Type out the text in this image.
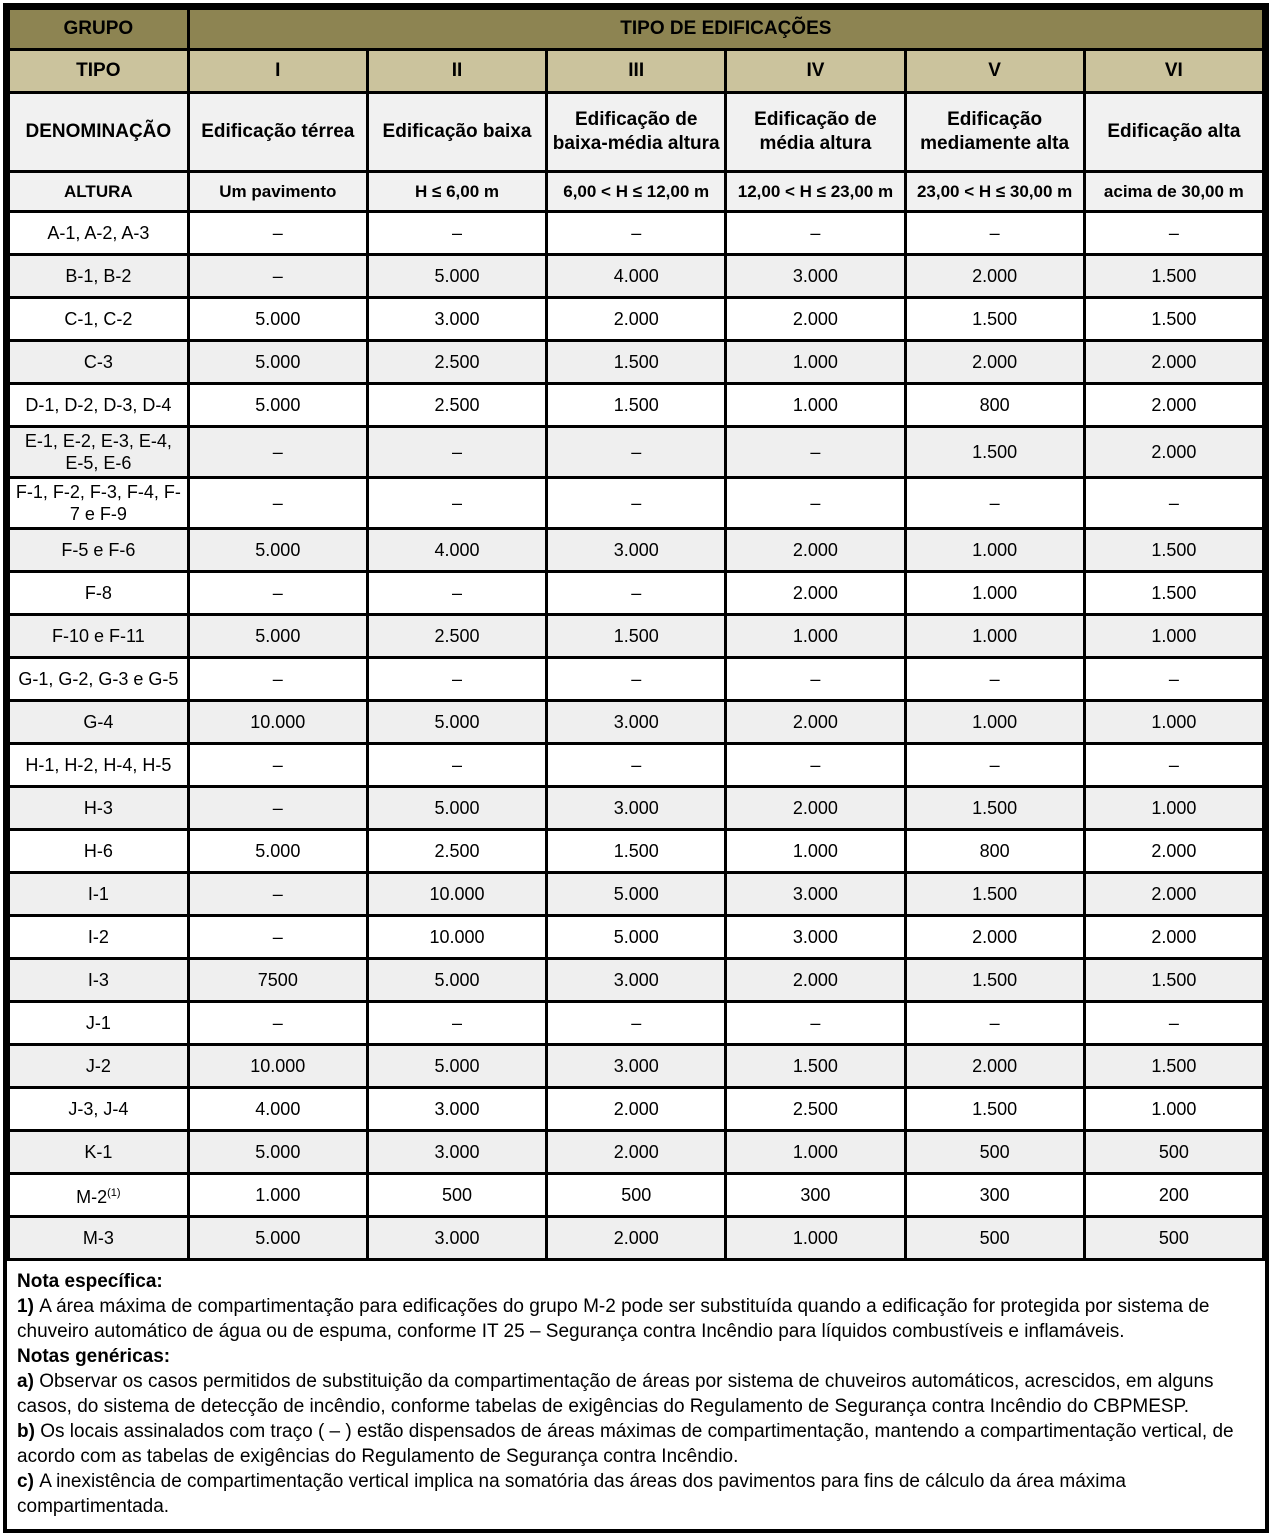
GRUPO	TIPO DE EDIFICAÇÕES					
TIPO	I	II	III	IV	V	VI
DENOMINAÇÃO	Edificação térrea	Edificação baixa	Edificação de baixa-média altura	Edificação de média altura	Edificação mediamente alta	Edificação alta
ALTURA	Um pavimento	H ≤ 6,00 m	6,00 < H ≤ 12,00 m	12,00 < H ≤ 23,00 m	23,00 < H ≤ 30,00 m	acima de 30,00 m
A-1, A-2, A-3	–	–	–	–	–	–
B-1, B-2	–	5.000	4.000	3.000	2.000	1.500
C-1, C-2	5.000	3.000	2.000	2.000	1.500	1.500
C-3	5.000	2.500	1.500	1.000	2.000	2.000
D-1, D-2, D-3, D-4	5.000	2.500	1.500	1.000	800	2.000
E-1, E-2, E-3, E-4, E-5, E-6	–	–	–	–	1.500	2.000
F-1, F-2, F-3, F-4, F-7 e F-9	–	–	–	–	–	–
F-5 e F-6	5.000	4.000	3.000	2.000	1.000	1.500
F-8	–	–	–	2.000	1.000	1.500
F-10 e F-11	5.000	2.500	1.500	1.000	1.000	1.000
G-1, G-2, G-3 e G-5	–	–	–	–	–	–
G-4	10.000	5.000	3.000	2.000	1.000	1.000
H-1, H-2, H-4, H-5	–	–	–	–	–	–
H-3	–	5.000	3.000	2.000	1.500	1.000
H-6	5.000	2.500	1.500	1.000	800	2.000
I-1	–	10.000	5.000	3.000	1.500	2.000
I-2	–	10.000	5.000	3.000	2.000	2.000
I-3	7500	5.000	3.000	2.000	1.500	1.500
J-1	–	–	–	–	–	–
J-2	10.000	5.000	3.000	1.500	2.000	1.500
J-3, J-4	4.000	3.000	2.000	2.500	1.500	1.000
K-1	5.000	3.000	2.000	1.000	500	500
M-2$^{(1)}$	1.000	500	500	300	300	200
M-3	5.000	3.000	2.000	1.000	500	500

Nota específica:

1) A área máxima de compartimentação para edificações do grupo M-2 pode ser substituída quando a edificação for protegida por sistema de chuveiro automático de água ou de espuma, conforme IT 25 – Segurança contra Incêndio para líquidos combustíveis e inflamáveis.

Notas genéricas:

a) Observar os casos permitidos de substituição da compartimentação de áreas por sistema de chuveiros automáticos, acrescidos, em alguns casos, do sistema de detecção de incêndio, conforme tabelas de exigências do Regulamento de Segurança contra Incêndio do CBPMESP.

b) Os locais assinalados com traço ( – ) estão dispensados de áreas máximas de compartimentação, mantendo a compartimentação vertical, de acordo com as tabelas de exigências do Regulamento de Segurança contra Incêndio.

c) A inexistência de compartimentação vertical implica na somatória das áreas dos pavimentos para fins de cálculo da área máxima compartimentada.
